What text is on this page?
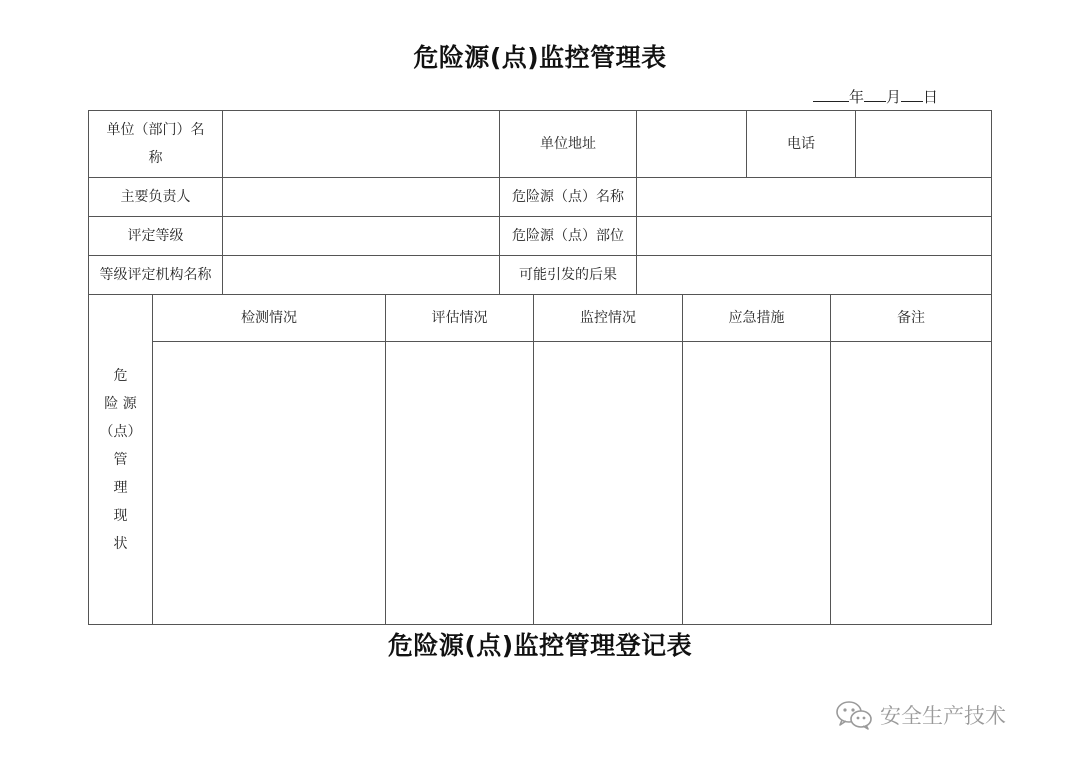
危险源(点)监控管理表
年 月 日
单位（部门）名
称
单位地址	电话
主要负责人	危险源（点）名称
评定等级	危险源（点）部位
等级评定机构名称	可能引发的后果
危
险 源
（点）
管
理
现
状
检测情况	评估情况	监控情况	应急措施	备注
危险源(点)监控管理登记表
安全生产技术
